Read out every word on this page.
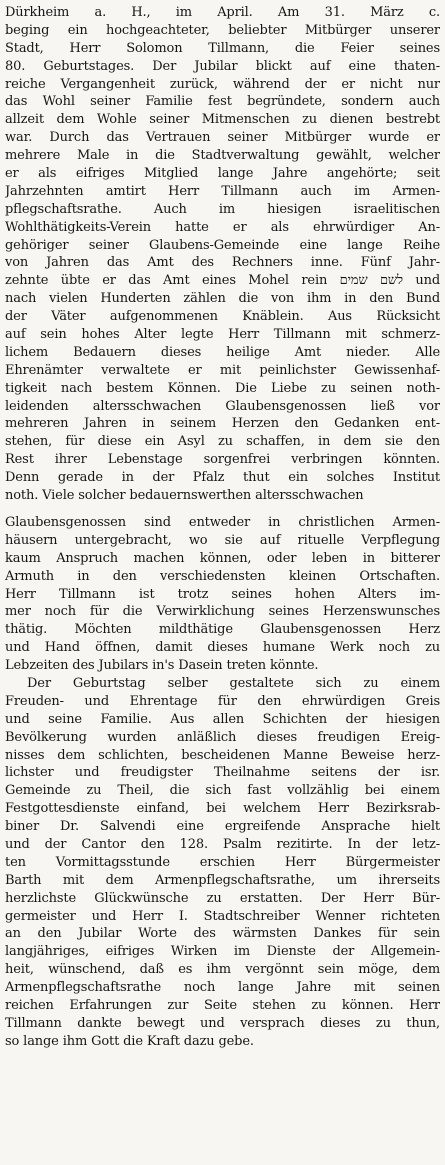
Dürkheim a. H., im April. Am 31. März c.
beging ein hochgeachteter, beliebter Mitbürger unserer
Stadt, Herr Solomon Tillmann, die Feier seines
80. Geburtstages. Der Jubilar blickt auf eine thaten-
reiche Vergangenheit zurück, während der er nicht nur
das Wohl seiner Familie fest begründete, sondern auch
allzeit dem Wohle seiner Mitmenschen zu dienen bestrebt
war. Durch das Vertrauen seiner Mitbürger wurde er
mehrere Male in die Stadtverwaltung gewählt, welcher
er als eifriges Mitglied lange Jahre angehörte; seit
Jahrzehnten amtirt Herr Tillmann auch im Armen-
pflegschaftsrathe. Auch im hiesigen israelitischen
Wohlthätigkeits-Verein hatte er als ehrwürdiger An-
gehöriger seiner Glaubens-Gemeinde eine lange Reihe
von Jahren das Amt des Rechners inne. Fünf Jahr-
zehnte übte er das Amt eines Mohel rein לשם שמים und
nach vielen Hunderten zählen die von ihm in den Bund
der Väter aufgenommenen Knäblein. Aus Rücksicht
auf sein hohes Alter legte Herr Tillmann mit schmerz-
lichem Bedauern dieses heilige Amt nieder. Alle
Ehrenämter verwaltete er mit peinlichster Gewissenhaf-
tigkeit nach bestem Können. Die Liebe zu seinen noth-
leidenden altersschwachen Glaubensgenossen ließ vor
mehreren Jahren in seinem Herzen den Gedanken ent-
stehen, für diese ein Asyl zu schaffen, in dem sie den
Rest ihrer Lebenstage sorgenfrei verbringen könnten.
Denn gerade in der Pfalz thut ein solches Institut
noth. Viele solcher bedauernswerthen altersschwachen
Glaubensgenossen sind entweder in christlichen Armen-
häusern untergebracht, wo sie auf rituelle Verpflegung
kaum Anspruch machen können, oder leben in bitterer
Armuth in den verschiedensten kleinen Ortschaften.
Herr Tillmann ist trotz seines hohen Alters im-
mer noch für die Verwirklichung seines Herzenswunsches
thätig. Möchten mildthätige Glaubensgenossen Herz
und Hand öffnen, damit dieses humane Werk noch zu
Lebzeiten des Jubilars in's Dasein treten könnte.
Der Geburtstag selber gestaltete sich zu einem
Freuden- und Ehrentage für den ehrwürdigen Greis
und seine Familie. Aus allen Schichten der hiesigen
Bevölkerung wurden anläßlich dieses freudigen Ereig-
nisses dem schlichten, bescheidenen Manne Beweise herz-
lichster und freudigster Theilnahme seitens der isr.
Gemeinde zu Theil, die sich fast vollzählig bei einem
Festgottesdienste einfand, bei welchem Herr Bezirksrab-
biner Dr. Salvendi eine ergreifende Ansprache hielt
und der Cantor den 128. Psalm rezitirte. In der letz-
ten Vormittagsstunde erschien Herr Bürgermeister
Barth mit dem Armenpflegschaftsrathe, um ihrerseits
herzlichste Glückwünsche zu erstatten. Der Herr Bür-
germeister und Herr I. Stadtschreiber Wenner richteten
an den Jubilar Worte des wärmsten Dankes für sein
langjähriges, eifriges Wirken im Dienste der Allgemein-
heit, wünschend, daß es ihm vergönnt sein möge, dem
Armenpflegschaftsrathe noch lange Jahre mit seinen
reichen Erfahrungen zur Seite stehen zu können. Herr
Tillmann dankte bewegt und versprach dieses zu thun,
so lange ihm Gott die Kraft dazu gebe.
